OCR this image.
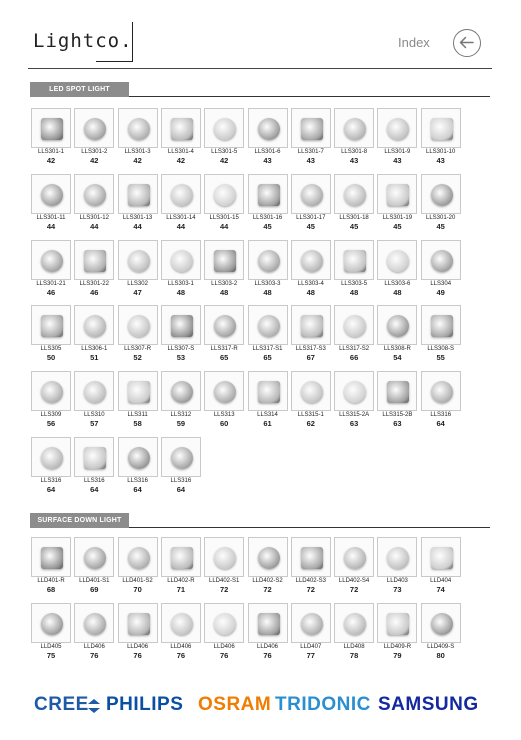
Lightco.	Index
LED SPOT LIGHT
LLS301-1
42
LLS301-2
42
LLS301-3
42
LLS301-4
42
LLS301-5
42
LLS301-6
43
LLS301-7
43
LLS301-8
43
LLS301-9
43
LLS301-10
43
LLS301-11
44
LLS301-12
44
LLS301-13
44
LLS301-14
44
LLS301-15
44
LLS301-16
45
LLS301-17
45
LLS301-18
45
LLS301-19
45
LLS301-20
45
LLS301-21
46
LLS301-22
46
LLS302
47
LLS303-1
48
LLS303-2
48
LLS303-3
48
LLS303-4
48
LLS303-5
48
LLS303-6
48
LLS304
49
LLS305
50
LLS306-1
51
LLS307-R
52
LLS307-S
53
LLS317-R
65
LLS317-S1
65
LLS317-S3
67
LLS317-S2
66
LLS308-R
54
LLS308-S
55
LLS309
56
LLS310
57
LLS311
58
LLS312
59
LLS313
60
LLS314
61
LLS315-1
62
LLS315-2A
63
LLS315-2B
63
LLS316
64
LLS316
64
LLS316
64
LLS316
64
LLS316
64
SURFACE DOWN LIGHT
LLD401-R
68
LLD401-S1
69
LLD401-S2
70
LLD402-R
71
LLD402-S1
72
LLD402-S2
72
LLD402-S3
72
LLD402-S4
72
LLD403
73
LLD404
74
LLD405
75
LLD406
76
LLD406
76
LLD406
76
LLD406
76
LLD406
76
LLD407
77
LLD408
78
LLD409-R
79
LLD409-S
80
CREE PHILIPS OSRAM TRIDONIC SAMSUNG
